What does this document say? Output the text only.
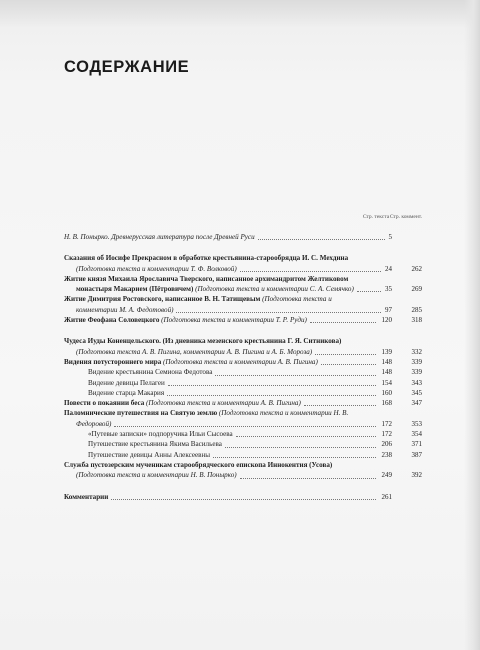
СОДЕРЖАНИЕ
Стр. текста Стр. коммент.
Н. В. Понырко. Древнерусская литература после Древней Руси	5
Сказания об Иосифе Прекрасном в обработке крестьянина-старообрядца И. С. Мехдина (Подготовка текста и комментарии Т. Ф. Волковой)	24	262
Житие князя Михаила Ярославича Тверского, написанное архимандритом Желтиковом монастыря Макарием (Пётровичем) (Подготовка текста и комментарии С. А. Семячко)	35	269
Житие Димитрия Ростовского, написанное В. Н. Татищевым (Подготовка текста и комментарии М. А. Федотовой)	97	285
Житие Феофана Соловецкого (Подготовка текста и комментарии Т. Р. Руди)	120	318
Чудеса Иуды Коненцельского. (Из дневника мезенского крестьянина Г. Я. Ситникова) (Подготовка текста А. В. Пигина, комментарии А. В. Пигина и А. Б. Мороза)	139	332
Видения потустороннего мира (Подготовка текста и комментарии А. В. Пигина)	148	339
Видение крестьянина Семиона Федотова	148	339
Видение девицы Пелагеи	154	343
Видение старца Макария	160	345
Повести о покаянии беса (Подготовка текста и комментарии А. В. Пигина)	168	347
Паломнические путешествия на Святую землю (Подготовка текста и комментарии Н. В. Федоровой)	172	353
«Путевые записки» подпоручика Ильи Сысоева	172	354
Путешествие крестьянина Якима Васильева	206	371
Путешествие девицы Анны Алексеевны	238	387
Служба пустозерским мученикам старообрядческого епископа Иннокентия (Усова) (Подготовка текста и комментарии Н. В. Понырко)	249	392
Комментарии	261
